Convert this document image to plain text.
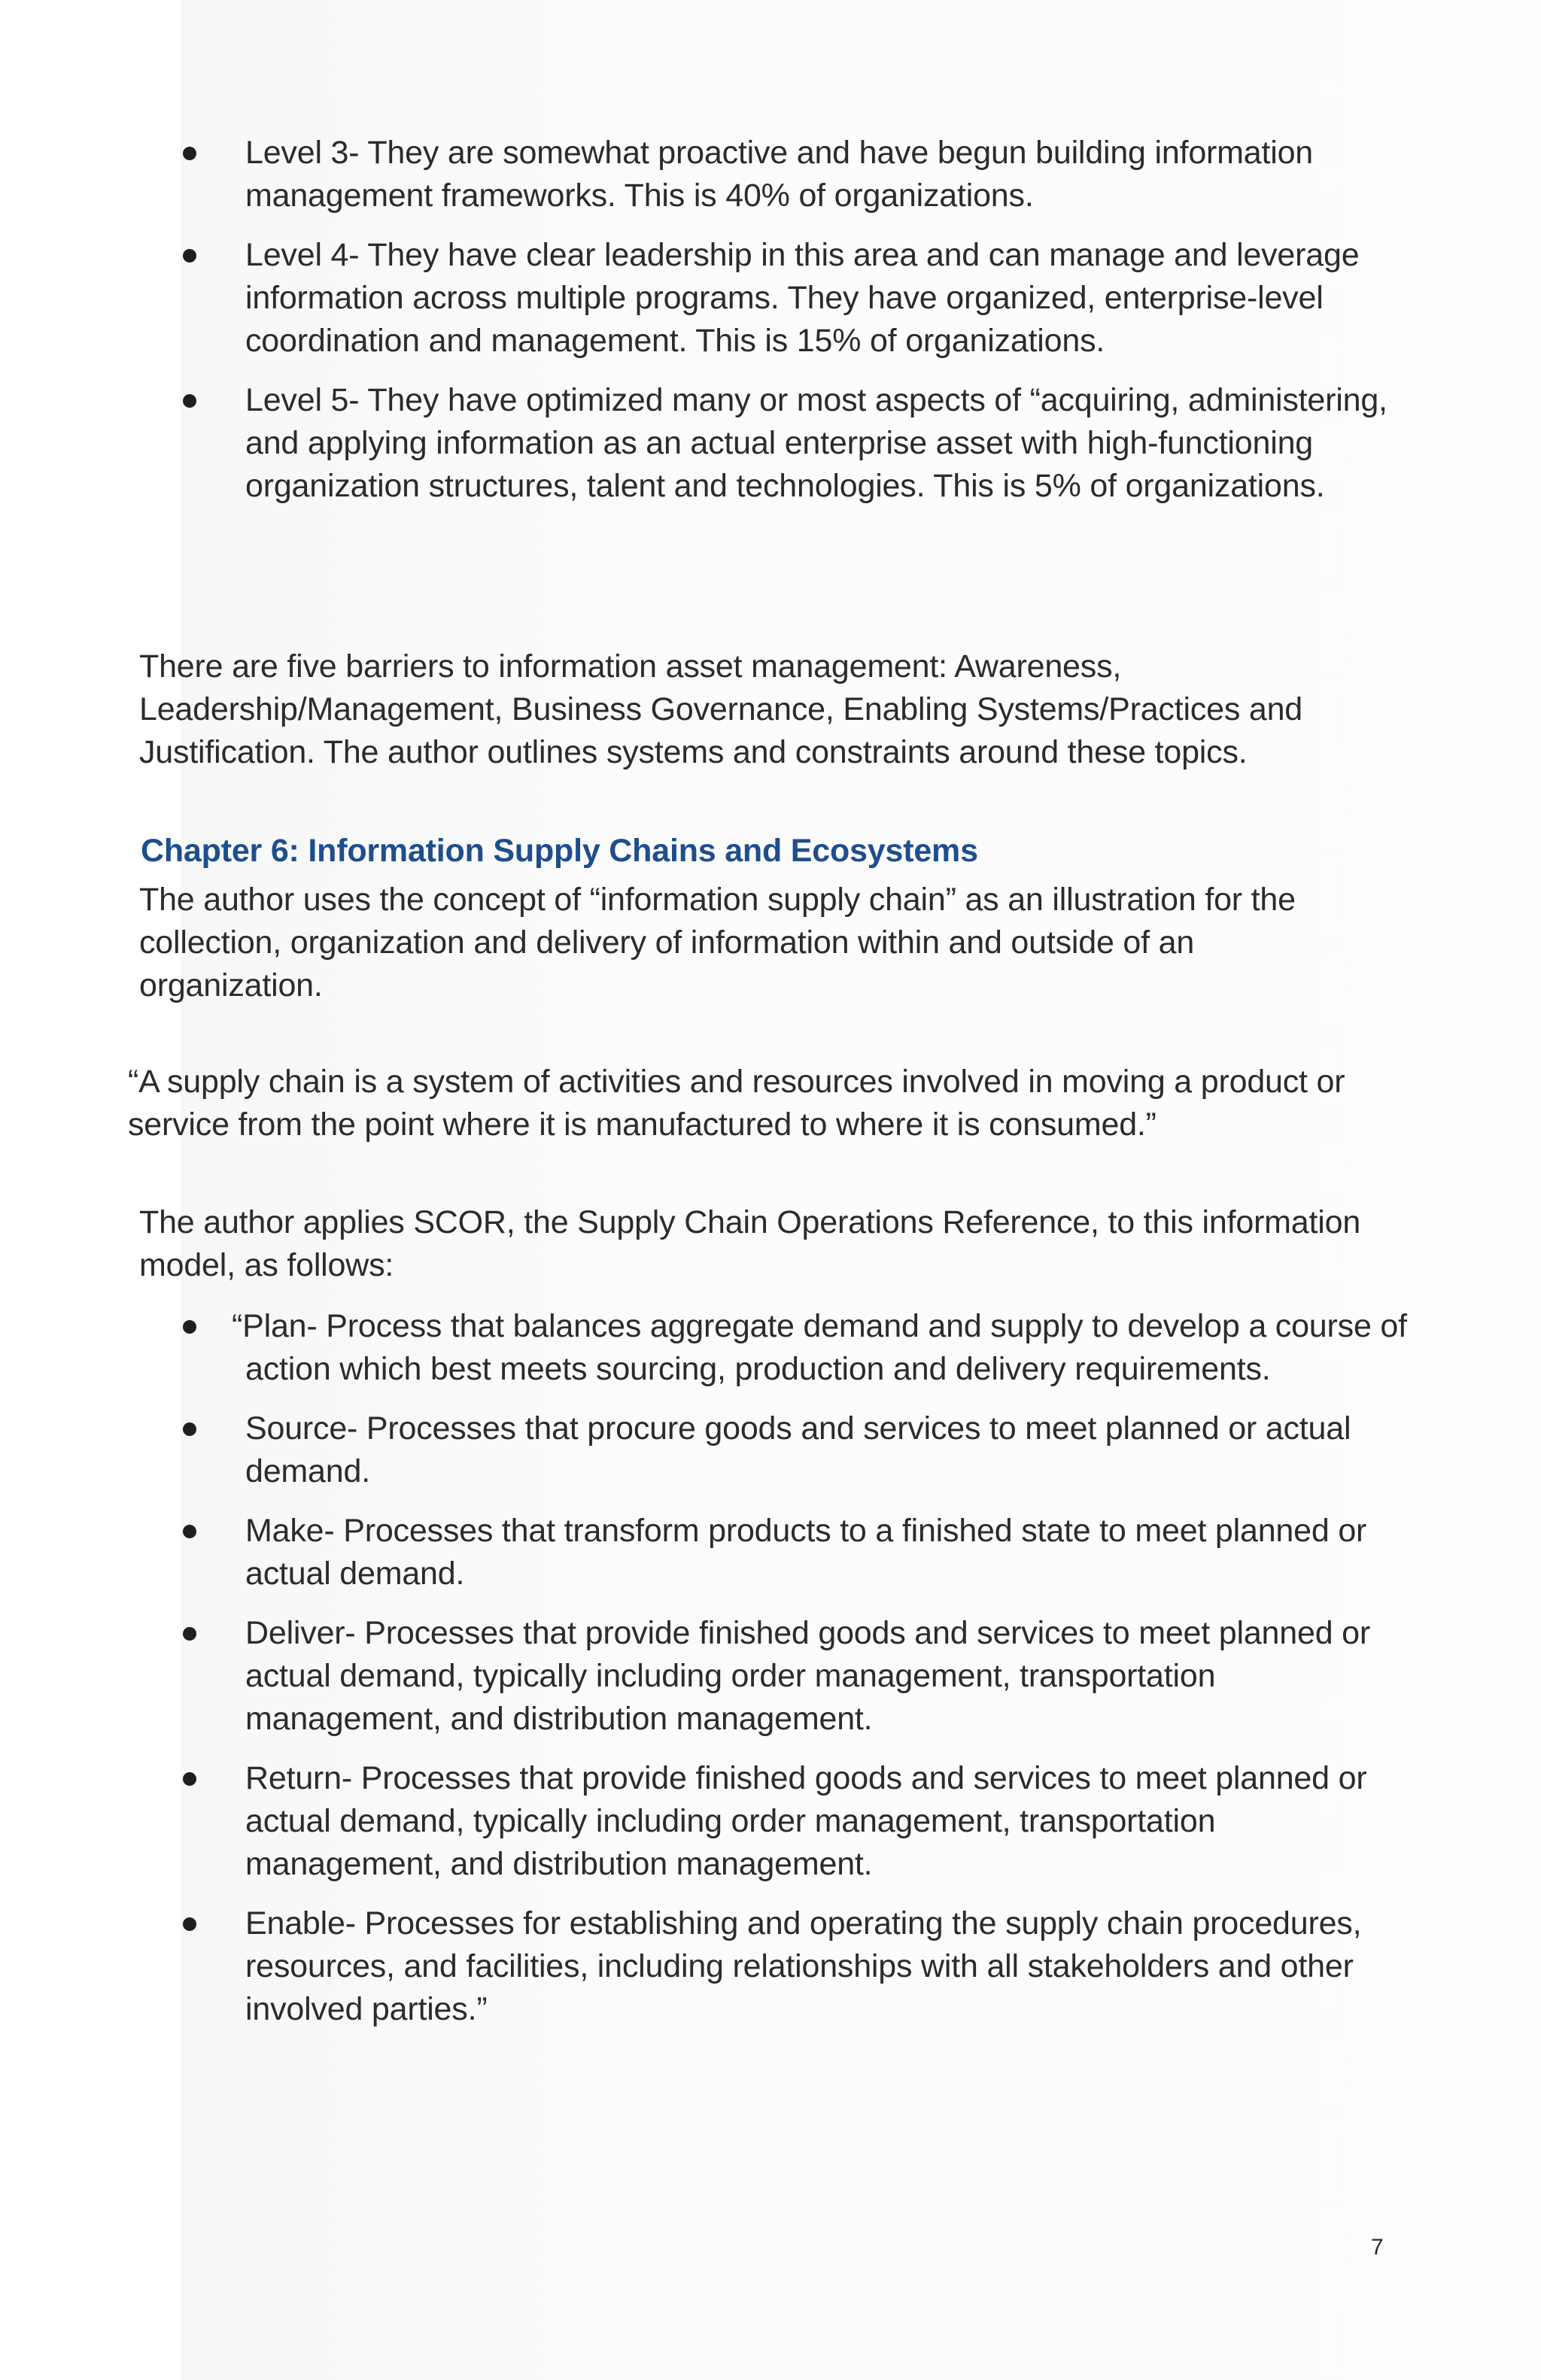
Level 3- They are somewhat proactive and have begun building information management frameworks. This is 40% of organizations.
Level 4- They have clear leadership in this area and can manage and leverage information across multiple programs. They have organized, enterprise-level coordination and management. This is 15% of organizations.
Level 5- They have optimized many or most aspects of “acquiring, administering, and applying information as an actual enterprise asset with high-functioning organization structures, talent and technologies. This is 5% of organizations.
There are five barriers to information asset management: Awareness, Leadership/Management, Business Governance, Enabling Systems/Practices and Justification. The author outlines systems and constraints around these topics.
Chapter 6: Information Supply Chains and Ecosystems
The author uses the concept of “information supply chain” as an illustration for the collection, organization and delivery of information within and outside of an organization.
“A supply chain is a system of activities and resources involved in moving a product or service from the point where it is manufactured to where it is consumed.”
The author applies SCOR, the Supply Chain Operations Reference, to this information model, as follows:
“Plan- Process that balances aggregate demand and supply to develop a course of action which best meets sourcing, production and delivery requirements.
Source- Processes that procure goods and services to meet planned or actual demand.
Make- Processes that transform products to a finished state to meet planned or actual demand.
Deliver- Processes that provide finished goods and services to meet planned or actual demand, typically including order management, transportation management, and distribution management.
Return- Processes that provide finished goods and services to meet planned or actual demand, typically including order management, transportation management, and distribution management.
Enable- Processes for establishing and operating the supply chain procedures, resources, and facilities, including relationships with all stakeholders and other involved parties.”
7
